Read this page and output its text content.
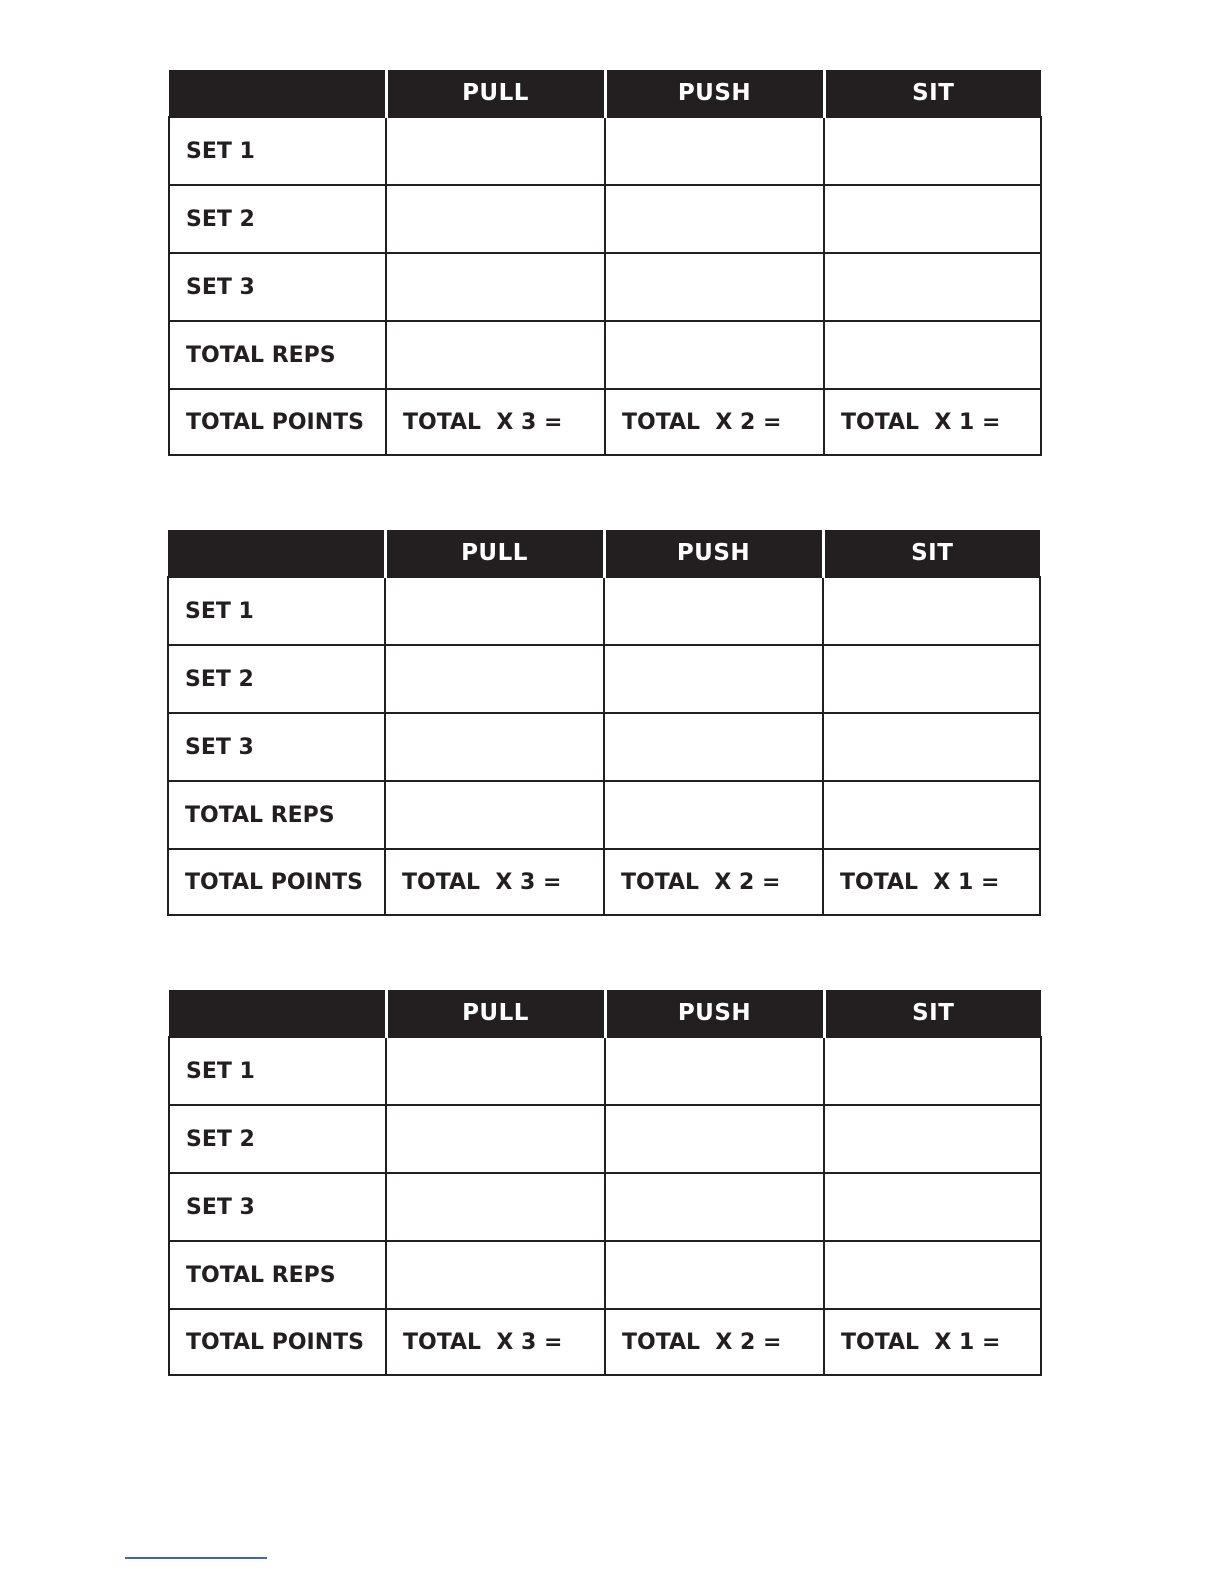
	PULL	PUSH	SIT
SET 1			
SET 2			
SET 3			
TOTAL REPS			
TOTAL POINTS	TOTAL  X 3 =	TOTAL  X 2 =	TOTAL  X 1 =
	PULL	PUSH	SIT
SET 1			
SET 2			
SET 3			
TOTAL REPS			
TOTAL POINTS	TOTAL  X 3 =	TOTAL  X 2 =	TOTAL  X 1 =
	PULL	PUSH	SIT
SET 1			
SET 2			
SET 3			
TOTAL REPS			
TOTAL POINTS	TOTAL  X 3 =	TOTAL  X 2 =	TOTAL  X 1 =
